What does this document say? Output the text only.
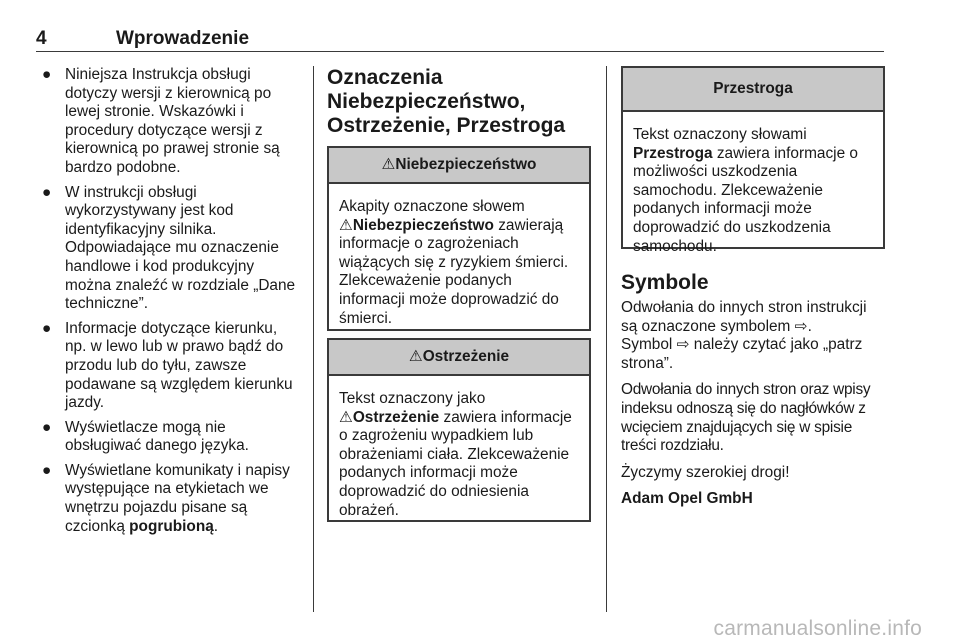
4	Wprowadzenie
● Niniejsza Instrukcja obsługi dotyczy wersji z kierownicą po lewej stronie. Wskazówki i procedury dotyczące wersji z kierownicą po prawej stronie są bardzo podobne.
● W instrukcji obsługi wykorzystywany jest kod identyfikacyjny silnika. Odpowiadające mu oznaczenie handlowe i kod produkcyjny można znaleźć w rozdziale „Dane techniczne”.
● Informacje dotyczące kierunku, np. w lewo lub w prawo bądź do przodu lub do tyłu, zawsze podawane są względem kierunku jazdy.
● Wyświetlacze mogą nie obsługiwać danego języka.
● Wyświetlane komunikaty i napisy występujące na etykietach we wnętrzu pojazdu pisane są czcionką pogrubioną.
Oznaczenia
Niebezpieczeństwo,
Ostrzeżenie, Przestroga
⚠Niebezpieczeństwo
Akapity oznaczone słowem
⚠Niebezpieczeństwo zawierają informacje o zagrożeniach wiążących się z ryzykiem śmierci. Zlekceważenie podanych informacji może doprowadzić do śmierci.
⚠Ostrzeżenie
Tekst oznaczony jako
⚠Ostrzeżenie zawiera informacje o zagrożeniu wypadkiem lub obrażeniami ciała. Zlekceważenie podanych informacji może doprowadzić do odniesienia obrażeń.
Przestroga
Tekst oznaczony słowami
Przestroga zawiera informacje o możliwości uszkodzenia samochodu. Zlekceważenie podanych informacji może doprowadzić do uszkodzenia samochodu.
Symbole

Odwołania do innych stron instrukcji są oznaczone symbolem ⇨.
Symbol ⇨ należy czytać jako „patrz strona”.

Odwołania do innych stron oraz wpisy indeksu odnoszą się do nagłówków z wcięciem znajdujących się w spisie treści rozdziału.

Życzymy szerokiej drogi!

Adam Opel GmbH

carmanualsonline.info
